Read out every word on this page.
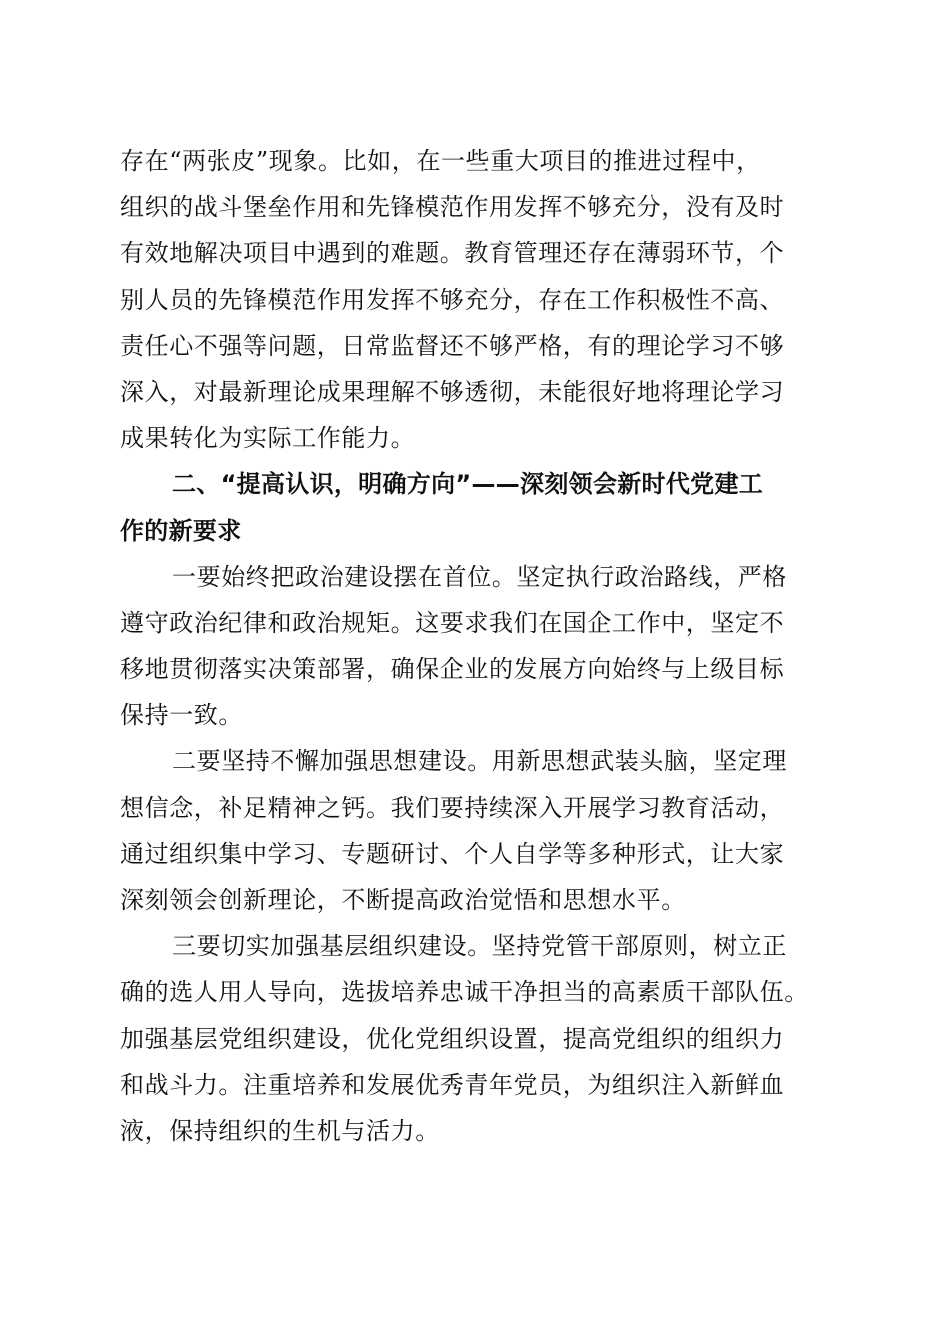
存在“两张皮”现象。比如，在一些重大项目的推进过程中，
组织的战斗堡垒作用和先锋模范作用发挥不够充分，没有及时
有效地解决项目中遇到的难题。教育管理还存在薄弱环节，个
别人员的先锋模范作用发挥不够充分，存在工作积极性不高、
责任心不强等问题，日常监督还不够严格，有的理论学习不够
深入，对最新理论成果理解不够透彻，未能很好地将理论学习
成果转化为实际工作能力。
二、“提高认识，明确方向”——深刻领会新时代党建工
作的新要求
一要始终把政治建设摆在首位。坚定执行政治路线，严格
遵守政治纪律和政治规矩。这要求我们在国企工作中，坚定不
移地贯彻落实决策部署，确保企业的发展方向始终与上级目标
保持一致。
二要坚持不懈加强思想建设。用新思想武装头脑，坚定理
想信念，补足精神之钙。我们要持续深入开展学习教育活动，
通过组织集中学习、专题研讨、个人自学等多种形式，让大家
深刻领会创新理论，不断提高政治觉悟和思想水平。
三要切实加强基层组织建设。坚持党管干部原则，树立正
确的选人用人导向，选拔培养忠诚干净担当的高素质干部队伍。
加强基层党组织建设，优化党组织设置，提高党组织的组织力
和战斗力。注重培养和发展优秀青年党员，为组织注入新鲜血
液，保持组织的生机与活力。
